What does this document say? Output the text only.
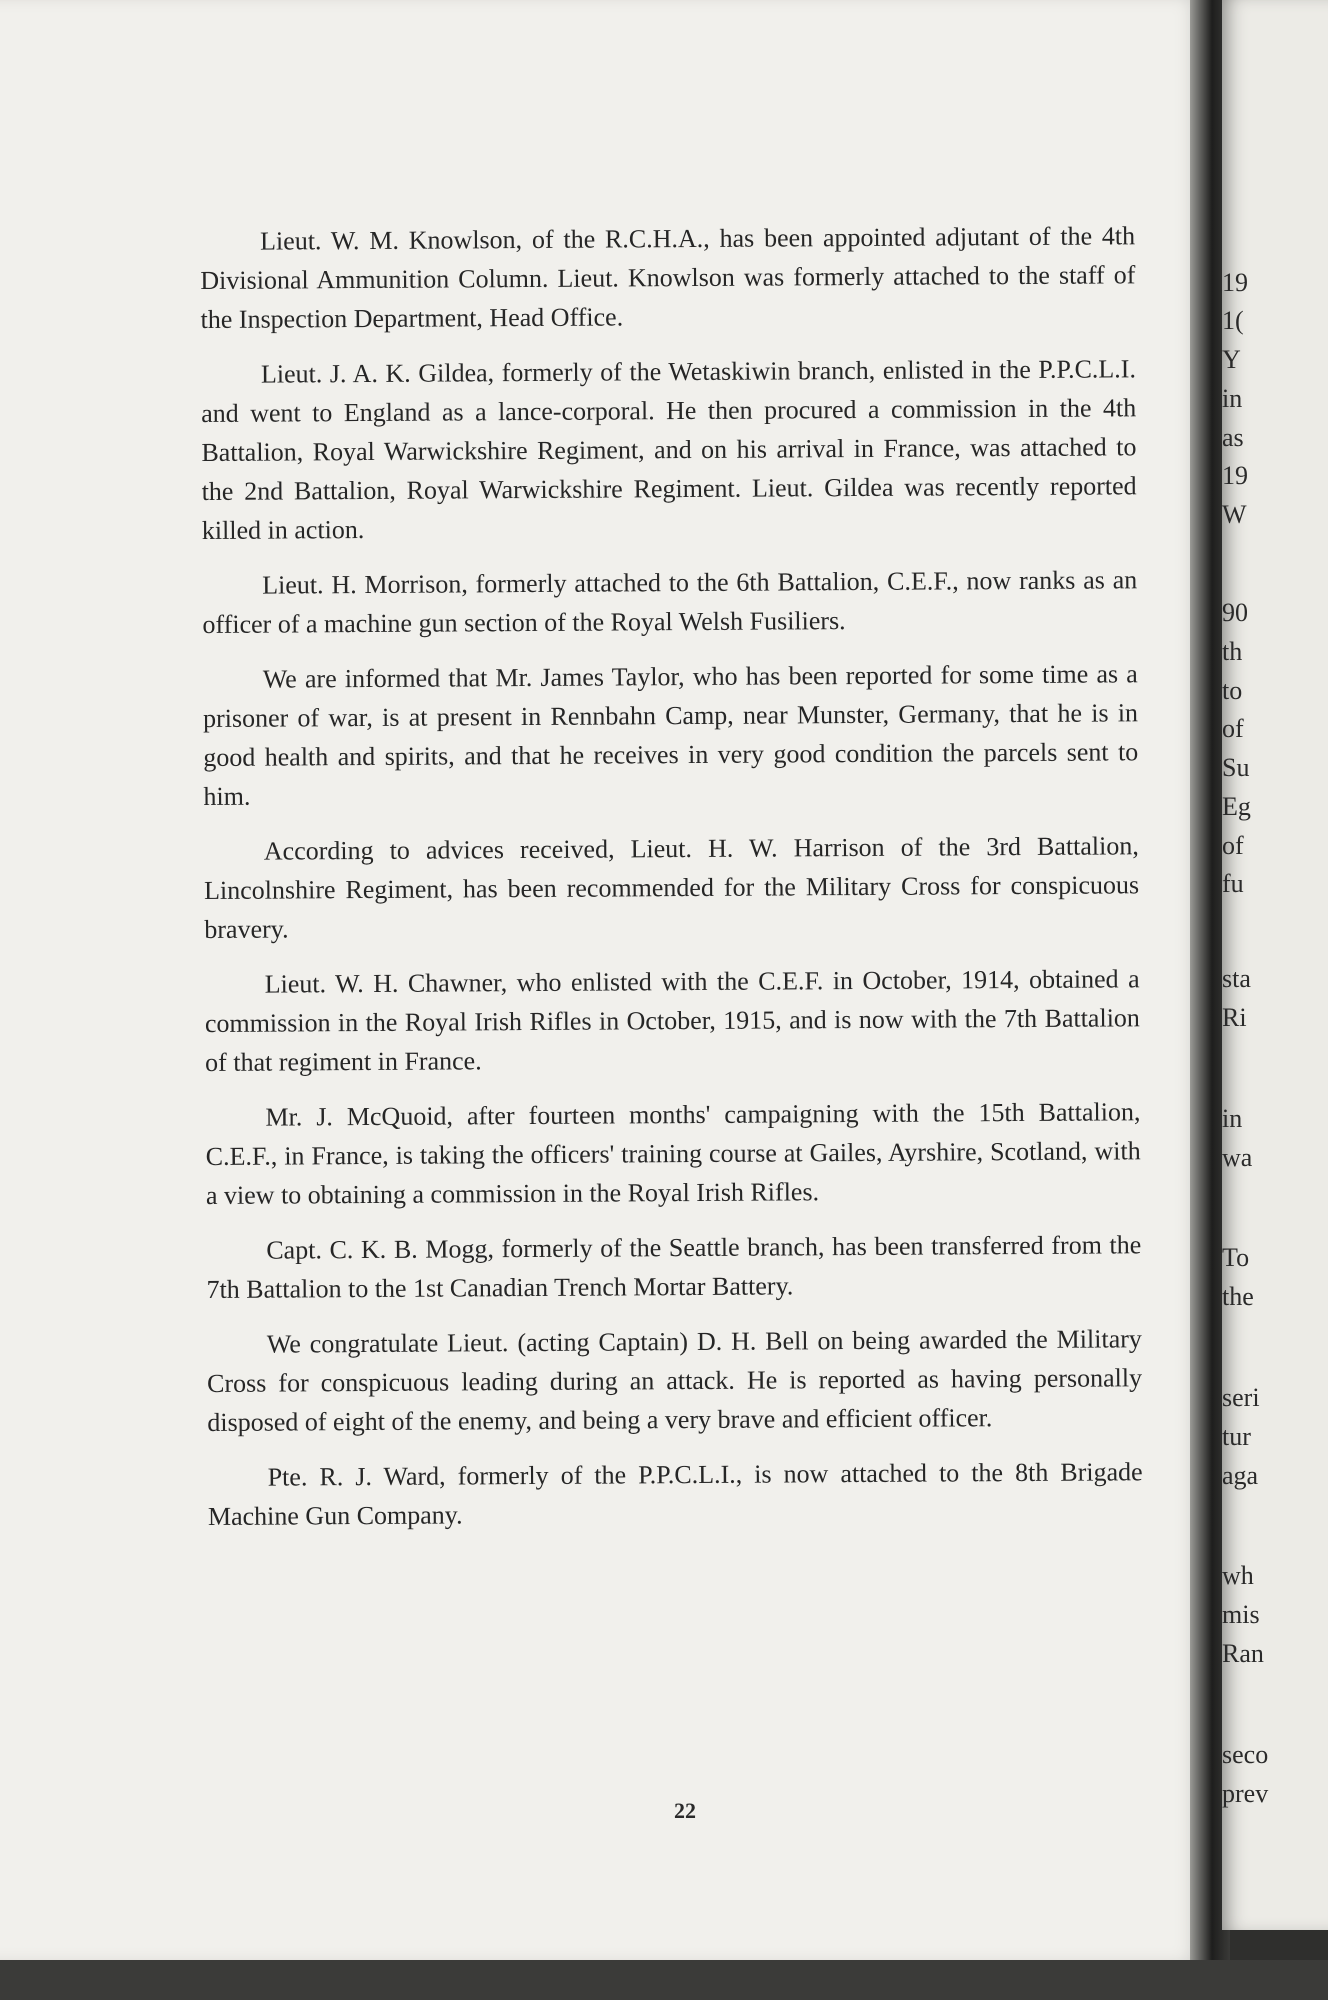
Lieut. W. M. Knowlson, of the R.C.H.A., has been appointed adjutant of the 4th Divisional Ammunition Column. Lieut. Knowlson was formerly attached to the staff of the Inspection Department, Head Office.

Lieut. J. A. K. Gildea, formerly of the Wetaskiwin branch, enlisted in the P.P.C.L.I. and went to England as a lance-corporal. He then procured a commission in the 4th Battalion, Royal Warwickshire Regiment, and on his arrival in France, was attached to the 2nd Battalion, Royal Warwickshire Regiment. Lieut. Gildea was recently reported killed in action.

Lieut. H. Morrison, formerly attached to the 6th Battalion, C.E.F., now ranks as an officer of a machine gun section of the Royal Welsh Fusiliers.

We are informed that Mr. James Taylor, who has been reported for some time as a prisoner of war, is at present in Rennbahn Camp, near Munster, Germany, that he is in good health and spirits, and that he receives in very good condition the parcels sent to him.

According to advices received, Lieut. H. W. Harrison of the 3rd Battalion, Lincolnshire Regiment, has been recommended for the Military Cross for conspicuous bravery.

Lieut. W. H. Chawner, who enlisted with the C.E.F. in October, 1914, obtained a commission in the Royal Irish Rifles in October, 1915, and is now with the 7th Battalion of that regiment in France.

Mr. J. McQuoid, after fourteen months' campaigning with the 15th Battalion, C.E.F., in France, is taking the officers' training course at Gailes, Ayrshire, Scotland, with a view to obtaining a commission in the Royal Irish Rifles.

Capt. C. K. B. Mogg, formerly of the Seattle branch, has been transferred from the 7th Battalion to the 1st Canadian Trench Mortar Battery.

We congratulate Lieut. (acting Captain) D. H. Bell on being awarded the Military Cross for conspicuous leading during an attack. He is reported as having personally disposed of eight of the enemy, and being a very brave and efficient officer.

Pte. R. J. Ward, formerly of the P.P.C.L.I., is now attached to the 8th Brigade Machine Gun Company.

22
19
1(
Y
in
as
19
W
90
th
to
of
Su
Eg
of
fu
sta
Ri
in
wa
To
the
seri
tur
aga
wh
mis
Ran
seco
prev
